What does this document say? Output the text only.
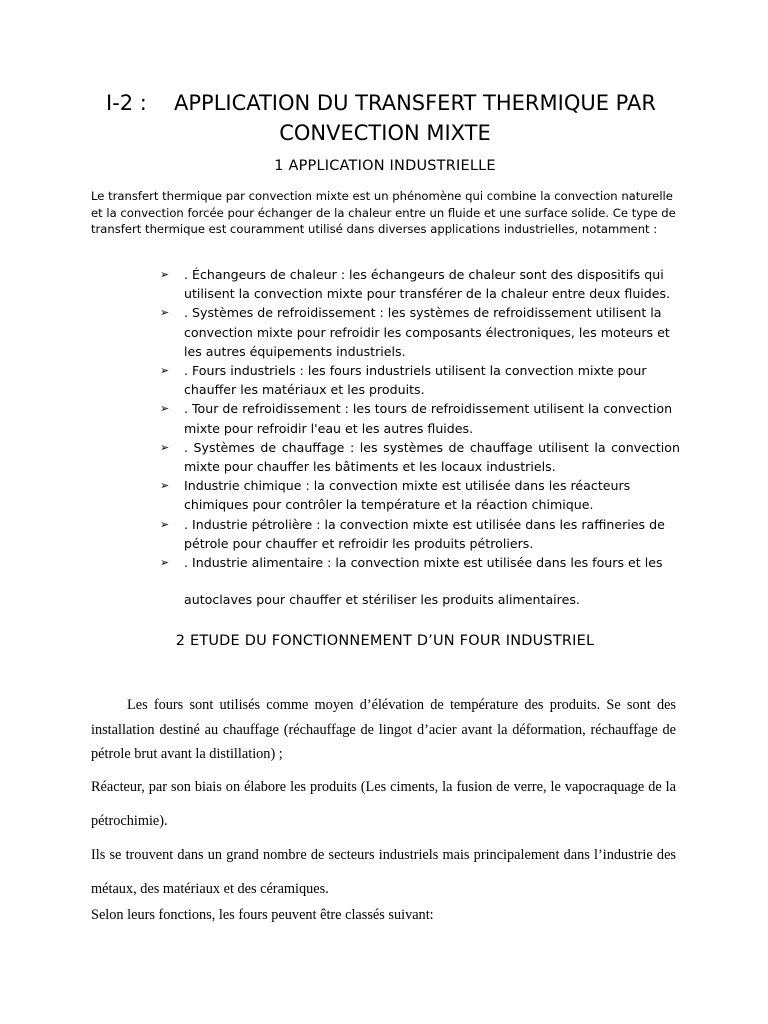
I-2 : APPLICATION DU TRANSFERT THERMIQUE PAR
CONVECTION MIXTE
1 APPLICATION INDUSTRIELLE

Le transfert thermique par convection mixte est un phénomène qui combine la convection naturelle et la convection forcée pour échanger de la chaleur entre un fluide et une surface solide. Ce type de transfert thermique est couramment utilisé dans diverses applications industrielles, notamment :

➢ . Échangeurs de chaleur : les échangeurs de chaleur sont des dispositifs qui utilisent la convection mixte pour transférer de la chaleur entre deux fluides.
➢ . Systèmes de refroidissement : les systèmes de refroidissement utilisent la convection mixte pour refroidir les composants électroniques, les moteurs et les autres équipements industriels.
➢ . Fours industriels : les fours industriels utilisent la convection mixte pour chauffer les matériaux et les produits.
➢ . Tour de refroidissement : les tours de refroidissement utilisent la convection mixte pour refroidir l'eau et les autres fluides.
➢ . Systèmes de chauffage : les systèmes de chauffage utilisent la convection mixte pour chauffer les bâtiments et les locaux industriels.
➢ Industrie chimique : la convection mixte est utilisée dans les réacteurs chimiques pour contrôler la température et la réaction chimique.
➢ . Industrie pétrolière : la convection mixte est utilisée dans les raffineries de pétrole pour chauffer et refroidir les produits pétroliers.
➢ . Industrie alimentaire : la convection mixte est utilisée dans les fours et les

autoclaves pour chauffer et stériliser les produits alimentaires.

2 ETUDE DU FONCTIONNEMENT D’UN FOUR INDUSTRIEL

Les fours sont utilisés comme moyen d’élévation de température des produits. Se sont des installation destiné au chauffage (réchauffage de lingot d’acier avant la déformation, réchauffage de pétrole brut avant la distillation) ;

Réacteur, par son biais on élabore les produits (Les ciments, la fusion de verre, le vapocraquage de la pétrochimie).

Ils se trouvent dans un grand nombre de secteurs industriels mais principalement dans l’industrie des métaux, des matériaux et des céramiques.

Selon leurs fonctions, les fours peuvent être classés suivant:
